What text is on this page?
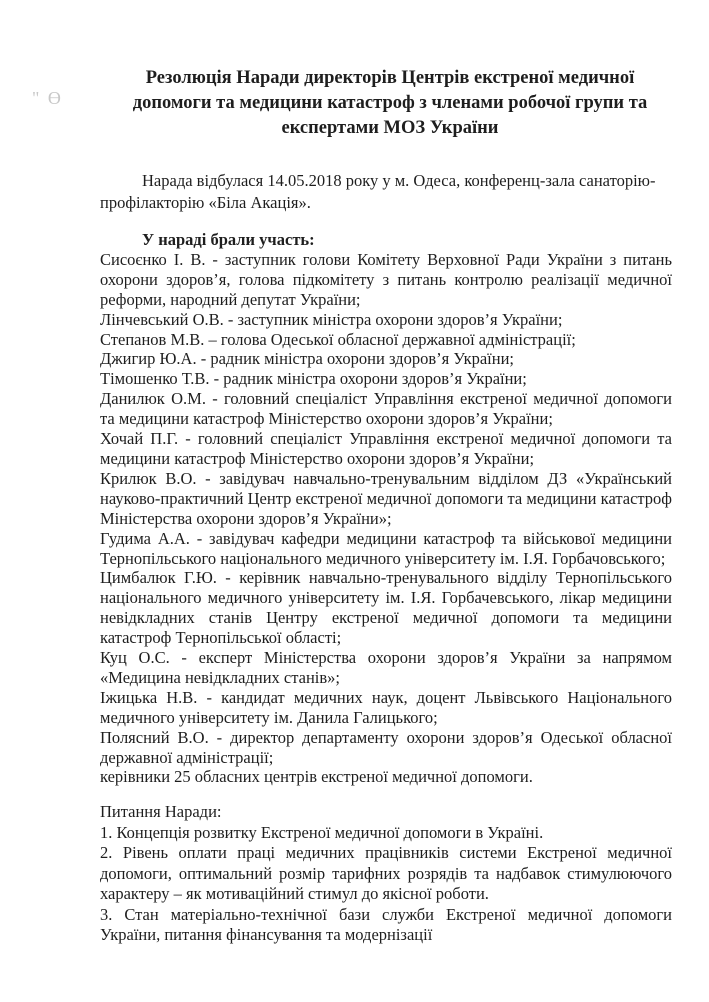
" Ɵ
Резолюція Наради директорів Центрів екстреної медичної
допомоги та медицини катастроф з членами робочої групи та
експертами МОЗ України
Нарада відбулася 14.05.2018 року у м. Одеса, конференц-зала санаторію-
профілакторію «Біла Акація».
У нараді брали участь:

Сисоєнко І. В. - заступник голови Комітету Верховної Ради України з питань охорони здоров’я, голова підкомітету з питань контролю реалізації медичної реформи, народний депутат України;

Лінчевський О.В. - заступник міністра охорони здоров’я України;

Степанов М.В. – голова Одеської обласної державної адміністрації;

Джигир Ю.А. - радник міністра охорони здоров’я України;

Тімошенко Т.В. - радник міністра охорони здоров’я України;

Данилюк О.М. - головний спеціаліст Управління екстреної медичної допомоги та медицини катастроф Міністерство охорони здоров’я України;

Хочай П.Г. - головний спеціаліст Управління екстреної медичної допомоги та медицини катастроф Міністерство охорони здоров’я України;

Крилюк В.О. - завідувач навчально-тренувальним відділом ДЗ «Український науково-практичний Центр екстреної медичної допомоги та медицини катастроф Міністерства охорони здоров’я України»;

Гудима А.А. - завідувач кафедри медицини катастроф та військової медицини Тернопільського національного медичного університету ім. І.Я. Горбачовського;

Цимбалюк Г.Ю. - керівник навчально-тренувального відділу Тернопільського національного медичного університету ім. І.Я. Горбачевського, лікар медицини невідкладних станів Центру екстреної медичної допомоги та медицини катастроф Тернопільської області;

Куц О.С. - експерт Міністерства охорони здоров’я України за напрямом «Медицина невідкладних станів»;

Іжицька Н.В. - кандидат медичних наук, доцент Львівського Національного медичного університету ім. Данила Галицького;

Полясний В.О. - директор департаменту охорони здоров’я Одеської обласної державної адміністрації;

керівники 25 обласних центрів екстреної медичної допомоги.

Питання Наради:

1. Концепція розвитку Екстреної медичної допомоги в Україні.

2. Рівень оплати праці медичних працівників системи Екстреної медичної допомоги, оптимальний розмір тарифних розрядів та надбавок стимулюючого характеру – як мотиваційний стимул до якісної роботи.

3. Стан матеріально-технічної бази служби Екстреної медичної допомоги України, питання фінансування та модернізації
